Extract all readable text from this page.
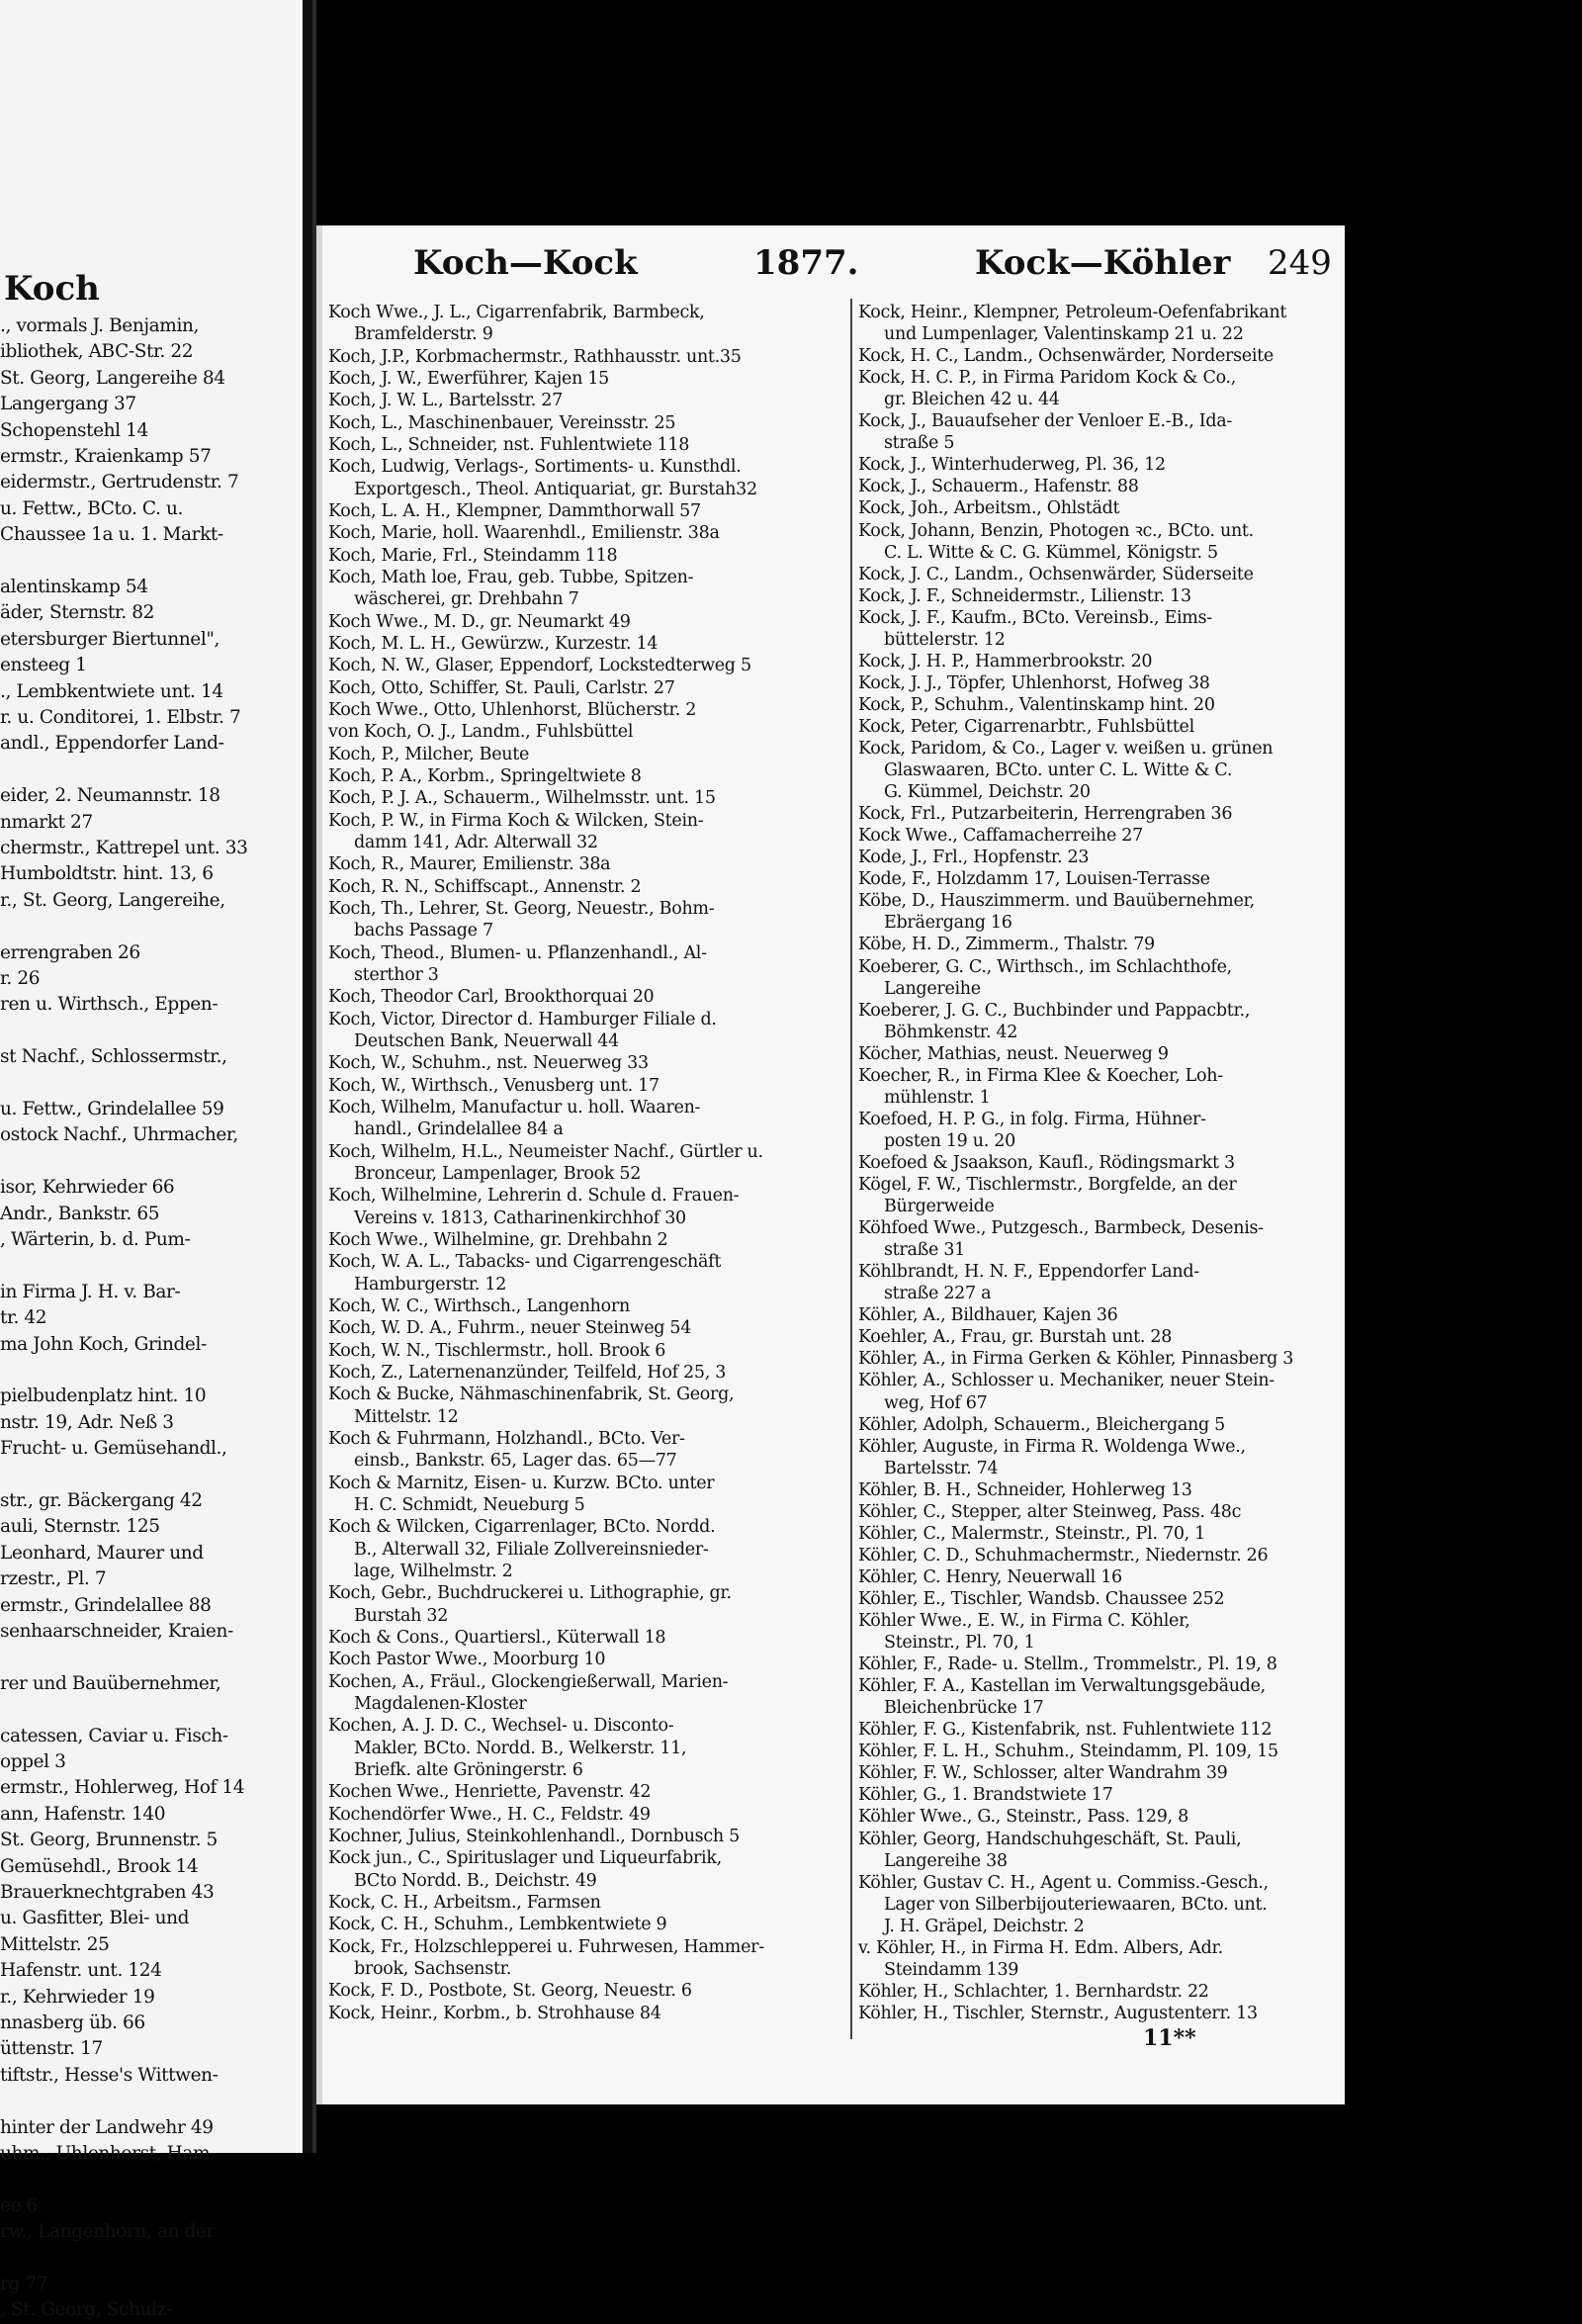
Koch
., vormals J. Benjamin,
ibliothek, ABC-Str. 22
St. Georg, Langereihe 84
Langergang 37
Schopenstehl 14
ermstr., Kraienkamp 57
eidermstr., Gertrudenstr. 7
u. Fettw., BCto. C. u.
Chaussee 1a u. 1. Markt-
alentinskamp 54
äder, Sternstr. 82
etersburger Biertunnel",
ensteeg 1
., Lembkentwiete unt. 14
r. u. Conditorei, 1. Elbstr. 7
andl., Eppendorfer Land-
eider, 2. Neumannstr. 18
nmarkt 27
chermstr., Kattrepel unt. 33
Humboldtstr. hint. 13, 6
r., St. Georg, Langereihe,
errengraben 26
r. 26
ren u. Wirthsch., Eppen-
st Nachf., Schlossermstr.,
u. Fettw., Grindelallee 59
ostock Nachf., Uhrmacher,
isor, Kehrwieder 66
Andr., Bankstr. 65
, Wärterin, b. d. Pum-
in Firma J. H. v. Bar-
tr. 42
ma John Koch, Grindel-
pielbudenplatz hint. 10
nstr. 19, Adr. Neß 3
Frucht- u. Gemüsehandl.,
str., gr. Bäckergang 42
auli, Sternstr. 125
Leonhard, Maurer und
rzestr., Pl. 7
ermstr., Grindelallee 88
senhaarschneider, Kraien-
rer und Bauübernehmer,
catessen, Caviar u. Fisch-
oppel 3
ermstr., Hohlerweg, Hof 14
ann, Hafenstr. 140
St. Georg, Brunnenstr. 5
Gemüsehdl., Brook 14
Brauerknechtgraben 43
u. Gasfitter, Blei- und
Mittelstr. 25
Hafenstr. unt. 124
r., Kehrwieder 19
nnasberg üb. 66
üttenstr. 17
tiftstr., Hesse's Wittwen-
hinter der Landwehr 49
uhm., Uhlenhorst, Ham-
ee 6
rw., Langenhorn, an der
rg 77
, St. Georg, Schulz-
Koch—Kock	1877.	Kock—Köhler 249
Koch Wwe., J. L., Cigarrenfabrik, Barmbeck,
Bramfelderstr. 9
Koch, J.P., Korbmachermstr., Rathhausstr. unt.35
Koch, J. W., Ewerführer, Kajen 15
Koch, J. W. L., Bartelsstr. 27
Koch, L., Maschinenbauer, Vereinsstr. 25
Koch, L., Schneider, nst. Fuhlentwiete 118
Koch, Ludwig, Verlags-, Sortiments- u. Kunsthdl.
Exportgesch., Theol. Antiquariat, gr. Burstah32
Koch, L. A. H., Klempner, Dammthorwall 57
Koch, Marie, holl. Waarenhdl., Emilienstr. 38a
Koch, Marie, Frl., Steindamm 118
Koch, Math loe, Frau, geb. Tubbe, Spitzen-
wäscherei, gr. Drehbahn 7
Koch Wwe., M. D., gr. Neumarkt 49
Koch, M. L. H., Gewürzw., Kurzestr. 14
Koch, N. W., Glaser, Eppendorf, Lockstedterweg 5
Koch, Otto, Schiffer, St. Pauli, Carlstr. 27
Koch Wwe., Otto, Uhlenhorst, Blücherstr. 2
von Koch, O. J., Landm., Fuhlsbüttel
Koch, P., Milcher, Beute
Koch, P. A., Korbm., Springeltwiete 8
Koch, P. J. A., Schauerm., Wilhelmsstr. unt. 15
Koch, P. W., in Firma Koch & Wilcken, Stein-
damm 141, Adr. Alterwall 32
Koch, R., Maurer, Emilienstr. 38a
Koch, R. N., Schiffscapt., Annenstr. 2
Koch, Th., Lehrer, St. Georg, Neuestr., Bohm-
bachs Passage 7
Koch, Theod., Blumen- u. Pflanzenhandl., Al-
sterthor 3
Koch, Theodor Carl, Brookthorquai 20
Koch, Victor, Director d. Hamburger Filiale d.
Deutschen Bank, Neuerwall 44
Koch, W., Schuhm., nst. Neuerweg 33
Koch, W., Wirthsch., Venusberg unt. 17
Koch, Wilhelm, Manufactur u. holl. Waaren-
handl., Grindelallee 84 a
Koch, Wilhelm, H.L., Neumeister Nachf., Gürtler u.
Bronceur, Lampenlager, Brook 52
Koch, Wilhelmine, Lehrerin d. Schule d. Frauen-
Vereins v. 1813, Catharinenkirchhof 30
Koch Wwe., Wilhelmine, gr. Drehbahn 2
Koch, W. A. L., Tabacks- und Cigarrengeschäft
Hamburgerstr. 12
Koch, W. C., Wirthsch., Langenhorn
Koch, W. D. A., Fuhrm., neuer Steinweg 54
Koch, W. N., Tischlermstr., holl. Brook 6
Koch, Z., Laternenanzünder, Teilfeld, Hof 25, 3
Koch & Bucke, Nähmaschinenfabrik, St. Georg,
Mittelstr. 12
Koch & Fuhrmann, Holzhandl., BCto. Ver-
einsb., Bankstr. 65, Lager das. 65—77
Koch & Marnitz, Eisen- u. Kurzw. BCto. unter
H. C. Schmidt, Neueburg 5
Koch & Wilcken, Cigarrenlager, BCto. Nordd.
B., Alterwall 32, Filiale Zollvereinsnieder-
lage, Wilhelmstr. 2
Koch, Gebr., Buchdruckerei u. Lithographie, gr.
Burstah 32
Koch & Cons., Quartiersl., Küterwall 18
Koch Pastor Wwe., Moorburg 10
Kochen, A., Fräul., Glockengießerwall, Marien-
Magdalenen-Kloster
Kochen, A. J. D. C., Wechsel- u. Disconto-
Makler, BCto. Nordd. B., Welkerstr. 11,
Briefk. alte Gröningerstr. 6
Kochen Wwe., Henriette, Pavenstr. 42
Kochendörfer Wwe., H. C., Feldstr. 49
Kochner, Julius, Steinkohlenhandl., Dornbusch 5
Kock jun., C., Spirituslager und Liqueurfabrik,
BCto Nordd. B., Deichstr. 49
Kock, C. H., Arbeitsm., Farmsen
Kock, C. H., Schuhm., Lembkentwiete 9
Kock, Fr., Holzschlepperei u. Fuhrwesen, Hammer-
brook, Sachsenstr.
Kock, F. D., Postbote, St. Georg, Neuestr. 6
Kock, Heinr., Korbm., b. Strohhause 84
Kock, Heinr., Klempner, Petroleum-Oefenfabrikant
und Lumpenlager, Valentinskamp 21 u. 22
Kock, H. C., Landm., Ochsenwärder, Norderseite
Kock, H. C. P., in Firma Paridom Kock & Co.,
gr. Bleichen 42 u. 44
Kock, J., Bauaufseher der Venloer E.-B., Ida-
straße 5
Kock, J., Winterhuderweg, Pl. 36, 12
Kock, J., Schauerm., Hafenstr. 88
Kock, Joh., Arbeitsm., Ohlstädt
Kock, Johann, Benzin, Photogen ꝛc., BCto. unt.
C. L. Witte & C. G. Kümmel, Königstr. 5
Kock, J. C., Landm., Ochsenwärder, Süderseite
Kock, J. F., Schneidermstr., Lilienstr. 13
Kock, J. F., Kaufm., BCto. Vereinsb., Eims-
büttelerstr. 12
Kock, J. H. P., Hammerbrookstr. 20
Kock, J. J., Töpfer, Uhlenhorst, Hofweg 38
Kock, P., Schuhm., Valentinskamp hint. 20
Kock, Peter, Cigarrenarbtr., Fuhlsbüttel
Kock, Paridom, & Co., Lager v. weißen u. grünen
Glaswaaren, BCto. unter C. L. Witte & C.
G. Kümmel, Deichstr. 20
Kock, Frl., Putzarbeiterin, Herrengraben 36
Kock Wwe., Caffamacherreihe 27
Kode, J., Frl., Hopfenstr. 23
Kode, F., Holzdamm 17, Louisen-Terrasse
Köbe, D., Hauszimmerm. und Bauübernehmer,
Ebräergang 16
Köbe, H. D., Zimmerm., Thalstr. 79
Koeberer, G. C., Wirthsch., im Schlachthofe,
Langereihe
Koeberer, J. G. C., Buchbinder und Pappacbtr.,
Böhmkenstr. 42
Köcher, Mathias, neust. Neuerweg 9
Koecher, R., in Firma Klee & Koecher, Loh-
mühlenstr. 1
Koefoed, H. P. G., in folg. Firma, Hühner-
posten 19 u. 20
Koefoed & Jsaakson, Kaufl., Rödingsmarkt 3
Kögel, F. W., Tischlermstr., Borgfelde, an der
Bürgerweide
Köhfoed Wwe., Putzgesch., Barmbeck, Desenis-
straße 31
Köhlbrandt, H. N. F., Eppendorfer Land-
straße 227 a
Köhler, A., Bildhauer, Kajen 36
Koehler, A., Frau, gr. Burstah unt. 28
Köhler, A., in Firma Gerken & Köhler, Pinnasberg 3
Köhler, A., Schlosser u. Mechaniker, neuer Stein-
weg, Hof 67
Köhler, Adolph, Schauerm., Bleichergang 5
Köhler, Auguste, in Firma R. Woldenga Wwe.,
Bartelsstr. 74
Köhler, B. H., Schneider, Hohlerweg 13
Köhler, C., Stepper, alter Steinweg, Pass. 48c
Köhler, C., Malermstr., Steinstr., Pl. 70, 1
Köhler, C. D., Schuhmachermstr., Niedernstr. 26
Köhler, C. Henry, Neuerwall 16
Köhler, E., Tischler, Wandsb. Chaussee 252
Köhler Wwe., E. W., in Firma C. Köhler,
Steinstr., Pl. 70, 1
Köhler, F., Rade- u. Stellm., Trommelstr., Pl. 19, 8
Köhler, F. A., Kastellan im Verwaltungsgebäude,
Bleichenbrücke 17
Köhler, F. G., Kistenfabrik, nst. Fuhlentwiete 112
Köhler, F. L. H., Schuhm., Steindamm, Pl. 109, 15
Köhler, F. W., Schlosser, alter Wandrahm 39
Köhler, G., 1. Brandstwiete 17
Köhler Wwe., G., Steinstr., Pass. 129, 8
Köhler, Georg, Handschuhgeschäft, St. Pauli,
Langereihe 38
Köhler, Gustav C. H., Agent u. Commiss.-Gesch.,
Lager von Silberbijouteriewaaren, BCto. unt.
J. H. Gräpel, Deichstr. 2
v. Köhler, H., in Firma H. Edm. Albers, Adr.
Steindamm 139
Köhler, H., Schlachter, 1. Bernhardstr. 22
Köhler, H., Tischler, Sternstr., Augustenterr. 13
11**
